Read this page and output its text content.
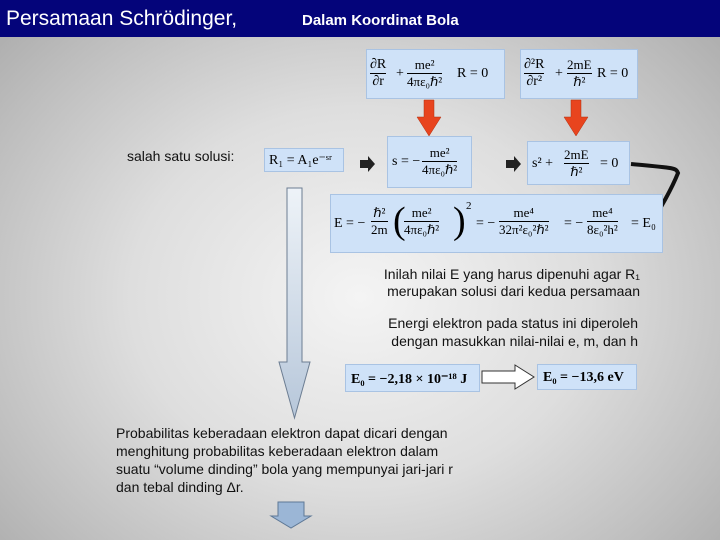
Persamaan Schrödinger,	Dalam Koordinat Bola
$\frac{\partial R}{\partial r}$ +
me²
4πε₀ℏ²
R = 0	$\frac{\text{∂²R}}{\text{∂r²}}$ +
2mE
ℏ²
R = 0
salah satu solusi: R₁ = A₁e⁻ˢʳ	s = −
me²
4πε₀ℏ²	s² +
2mE
ℏ²
= 0
E = −
ℏ²
2m ( me²
4πε₀ℏ² ) 2
= −
me⁴
32π²ε₀²ℏ² = − $\frac{\text{me⁴}}{\text{8ε₀²h²}} = E_0$
Inilah nilai E yang harus dipenuhi agar R₁
merupakan solusi dari kedua persamaan
Energi elektron pada status ini diperoleh
dengan masukkan nilai-nilai e, m, dan h
E₀ = −2,18 × 10⁻¹⁸ J	E₀ = −13,6 eV
Probabilitas keberadaan elektron dapat dicari dengan
menghitung probabilitas keberadaan elektron dalam
suatu “volume dinding” bola yang mempunyai jari-jari r
dan tebal dinding Δr.
